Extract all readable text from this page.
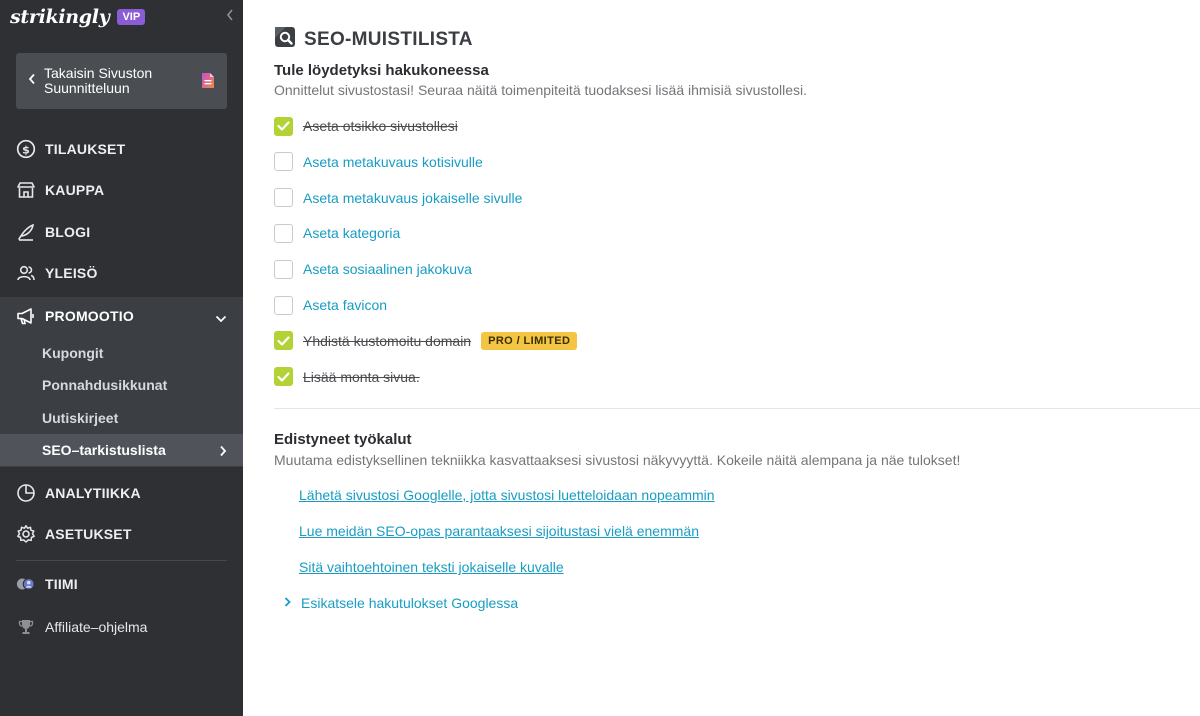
strikingly	VIP
Takaisin Sivuston Suunnitteluun
$ TILAUKSET
KAUPPA
BLOGI
YLEISÖ
PROMOOTIO
Kupongit
Ponnahdusikkunat
Uutiskirjeet
SEO–tarkistuslista
ANALYTIIKKA
ASETUKSET
TIIMI
Affiliate–ohjelma
SEO-MUISTILISTA
Tule löydetyksi hakukoneessa
Onnittelut sivustostasi! Seuraa näitä toimenpiteitä tuodaksesi lisää ihmisiä sivustollesi.
Aseta otsikko sivustollesi
Aseta metakuvaus kotisivulle
Aseta metakuvaus jokaiselle sivulle
Aseta kategoria
Aseta sosiaalinen jakokuva
Aseta favicon
Yhdistä kustomoitu domain	PRO / LIMITED
Lisää monta sivua.
Edistyneet työkalut
Muutama edistyksellinen tekniikka kasvattaaksesi sivustosi näkyvyyttä. Kokeile näitä alempana ja näe tulokset!
Lähetä sivustosi Googlelle, jotta sivustosi luetteloidaan nopeammin
Lue meidän SEO-opas parantaaksesi sijoitustasi vielä enemmän
Sitä vaihtoehtoinen teksti jokaiselle kuvalle
Esikatsele hakutulokset Googlessa
